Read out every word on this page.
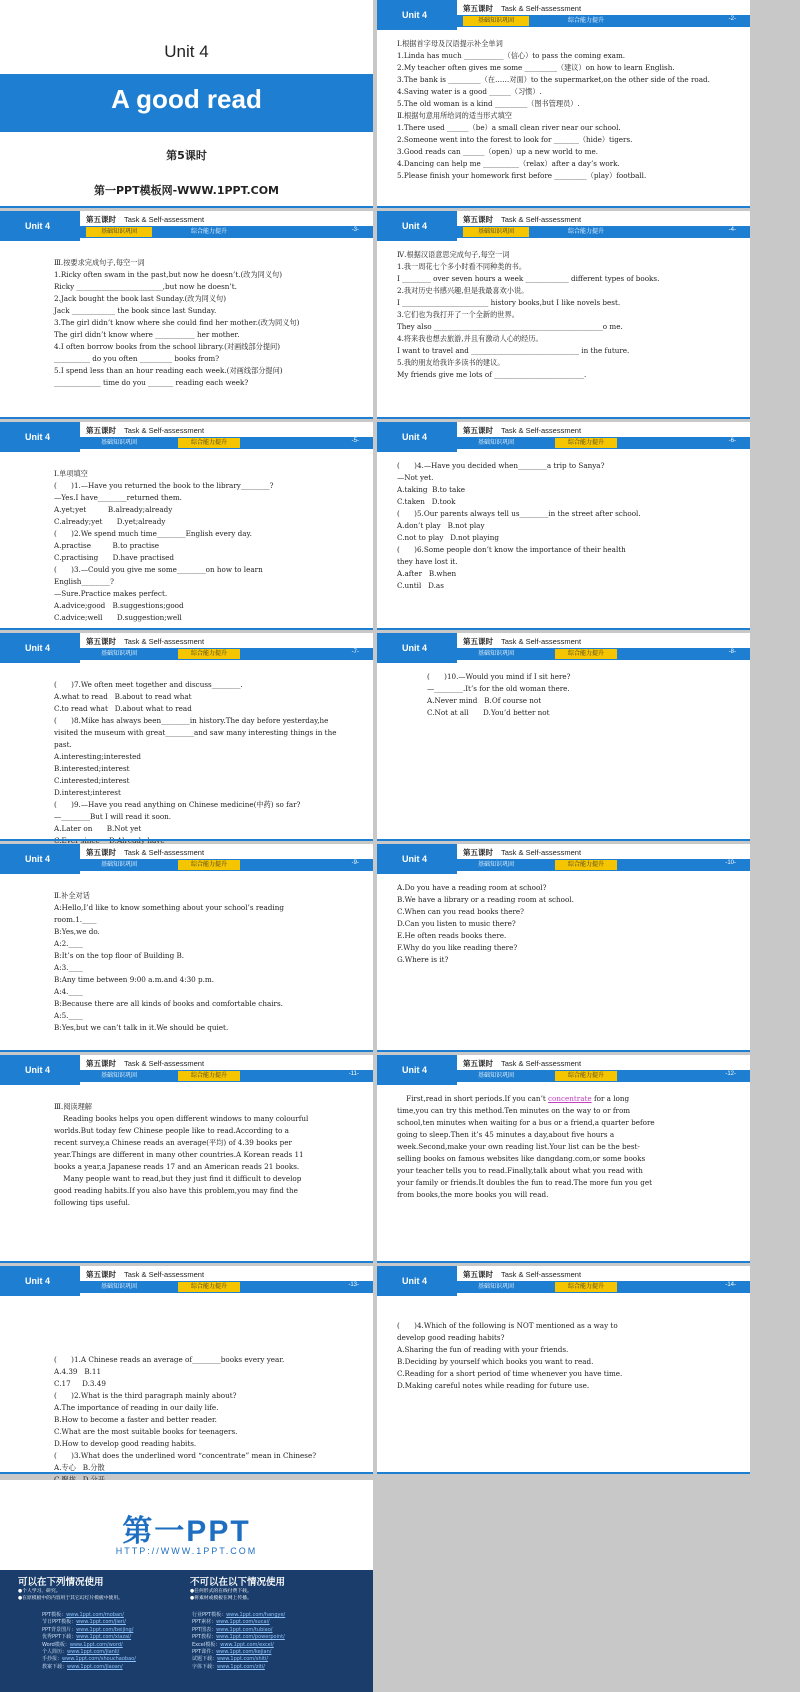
Unit 4
A good read
第5课时
第一PPT模板网-WWW.1PPT.COM
Unit 4
第五课时 Task & Self-assessment
基础知识巩固	综合能力提升	-2-

Ⅰ.根据首字母及汉语提示补全单词

1.Linda has much ___________（信心）to pass the coming exam.

2.My teacher often gives me some _________（建议）on how to learn English.

3.The bank is _________（在……对面）to the supermarket,on the other side of the road.

4.Saving water is a good ______（习惯）.

5.The old woman is a kind _________（图书管理员）.

Ⅱ.根据句意用所给词的适当形式填空

1.There used ______（be）a small clean river near our school.

2.Someone went into the forest to look for _______（hide）tigers.

3.Good reads can ______（open）up a new world to me.

4.Dancing can help me __________（relax）after a day’s work.

5.Please finish your homework first before _________（play）football.

Unit 4
第五课时 Task & Self-assessment
基础知识巩固	综合能力提升	-3-

Ⅲ.按要求完成句子,每空一词

1.Ricky often swam in the past,but now he doesn’t.(改为同义句)

Ricky ________________________,but now he doesn’t.

2.Jack bought the book last Sunday.(改为同义句)

Jack ____________ the book since last Sunday.

3.The girl didn’t know where she could find her mother.(改为同义句)

The girl didn’t know where ___________ her mother.

4.I often borrow books from the school library.(对画线部分提问)

__________ do you often _________ books from?

5.I spend less than an hour reading each week.(对画线部分提问)

_____________ time do you _______ reading each week?

Unit 4
第五课时 Task & Self-assessment
基础知识巩固	综合能力提升	-4-

Ⅳ.根据汉语意思完成句子,每空一词

1.我一周花七个多小时看不同种类的书。

I ________ over seven hours a week ____________ different types of books.

2.我对历史书感兴趣,但是我最喜欢小说。

I ________________________ history books,but I like novels best.

3.它们也为我打开了一个全新的世界。

They also _______________________________________________o me.

4.将来我也想去旅游,并且有激动人心的经历。

I want to travel and ______________________________ in the future.

5.我的朋友给我许多读书的建议。

My friends give me lots of _________________________.

Unit 4
第五课时 Task & Self-assessment
基础知识巩固	综合能力提升	-5-

Ⅰ.单项填空

(　　)1.—Have you returned the book to the library________?

—Yes.I have________returned them.

A.yet;yet　　　B.already;already

C.already;yet　　D.yet;already

(　　)2.We spend much time________English every day.

A.practise　　　B.to practise

C.practising　　D.have practised

(　　)3.—Could you give me some________on how to learn

English________?

—Sure.Practice makes perfect.

A.advice;good　B.suggestions;good

C.advice;well　　D.suggestion;well

Unit 4
第五课时 Task & Self-assessment
基础知识巩固	综合能力提升	-6-

(　　)4.—Have you decided when________a trip to Sanya?

—Not yet.

A.taking  B.to take

C.taken   D.took

(　　)5.Our parents always tell us________in the street after school.

A.don’t play   B.not play

C.not to play   D.not playing

(　　)6.Some people don’t know the importance of their health

they have lost it.

A.after   B.when

C.until   D.as

Unit 4
第五课时 Task & Self-assessment
基础知识巩固	综合能力提升	-7-

(　　)7.We often meet together and discuss________.

A.what to read   B.about to read what

C.to read what   D.about what to read

(　　)8.Mike has always been________in history.The day before yesterday,he

visited the museum with great________and saw many interesting things in the

past.

A.interesting;interested

B.interested;interest

C.interested;interest

D.interest;interest

(　　)9.—Have you read anything on Chinese medicine(中药) so far?

—________But I will read it soon.

A.Later on　　B.Not yet

Unit 4
第五课时 Task & Self-assessment
基础知识巩固	综合能力提升	-8-

(　　)10.—Would you mind if I sit here?

—________.It’s for the old woman there.

A.Never mind   B.Of course not

C.Not at all　　D.You’d better not

Unit 4
第五课时 Task & Self-assessment
基础知识巩固	综合能力提升	-9-

Ⅱ.补全对话

A:Hello,I’d like to know something about your school’s reading

room.1.____

B:Yes,we do.

A:2.____

B:It’s on the top floor of Building B.

A:3.____

B:Any time between 9:00 a.m.and 4:30 p.m.

A:4.____

B:Because there are all kinds of books and comfortable chairs.

A:5.____

B:Yes,but we can’t talk in it.We should be quiet.

Unit 4
第五课时 Task & Self-assessment
基础知识巩固	综合能力提升	-10-

A.Do you have a reading room at school?

B.We have a library or a reading room at school.

C.When can you read books there?

D.Can you listen to music there?

E.He often reads books there.

F.Why do you like reading there?

G.Where is it?

Unit 4
第五课时 Task & Self-assessment
基础知识巩固	综合能力提升	-11-

Ⅲ.阅读理解

Reading books helps you open different windows to many colourful

worlds.But today few Chinese people like to read.According to a

recent survey,a Chinese reads an average(平均) of 4.39 books per

year.Things are different in many other countries.A Korean reads 11

books a year,a Japanese reads 17 and an American reads 21 books.

Many people want to read,but they just find it difficult to develop

good reading habits.If you also have this problem,you may find the

following tips useful.

Unit 4
第五课时 Task & Self-assessment
基础知识巩固	综合能力提升	-12-

First,read in short periods.If you can’t concentrate for a long

time,you can try this method.Ten minutes on the way to or from

school,ten minutes when waiting for a bus or a friend,a quarter before

going to sleep.Then it’s 45 minutes a day,about five hours a

week.Second,make your own reading list.Your list can be the best-

selling books on famous websites like dangdang.com,or some books

your teacher tells you to read.Finally,talk about what you read with

your family or friends.It doubles the fun to read.The more fun you get

from books,the more books you will read.

Unit 4
第五课时 Task & Self-assessment
基础知识巩固	综合能力提升	-13-

(　　)1.A Chinese reads an average of________books every year.

A.4.39   B.11

C.17     D.3.49

(　　)2.What is the third paragraph mainly about?

A.The importance of reading in our daily life.

B.How to become a faster and better reader.

C.What are the most suitable books for teenagers.

D.How to develop good reading habits.

(　　)3.What does the underlined word “concentrate” mean in Chinese?

A.专心   B.分散

Unit 4
第五课时 Task & Self-assessment
基础知识巩固	综合能力提升	-14-

(　　)4.Which of the following is NOT mentioned as a way to

develop good reading habits?

A.Sharing the fun of reading with your friends.

B.Deciding by yourself which books you want to read.

C.Reading for a short period of time whenever you have time.

D.Making careful notes while reading for future use.

第一PPT
HTTP://WWW.1PPT.COM
可以在下列情况使用
●个人学习、研究。
●在原模板中的内容用于其它幻灯片模板中使用。
不可以在以下情况使用
●任何形式的在线付费下载。
●将素材或模板在网上传播。
PPT模板：www.1ppt.com/moban/
节日PPT模板：www.1ppt.com/jieri/
PPT背景图片：www.1ppt.com/beijing/
优秀PPT下载：www.1ppt.com/xiazai/
Word模板：www.1ppt.com/word/
个人简历：www.1ppt.com/jianli/
手抄报：www.1ppt.com/shouchaobao/
教案下载：www.1ppt.com/jiaoan/
行业PPT模板：www.1ppt.com/hangye/
PPT素材：www.1ppt.com/sucai/
PPT图表：www.1ppt.com/tubiao/
PPT教程：www.1ppt.com/powerpoint/
Excel模板：www.1ppt.com/excel/
PPT课件：www.1ppt.com/kejian/
试题下载：www.1ppt.com/shiti/
字体下载：www.1ppt.com/ziti/
